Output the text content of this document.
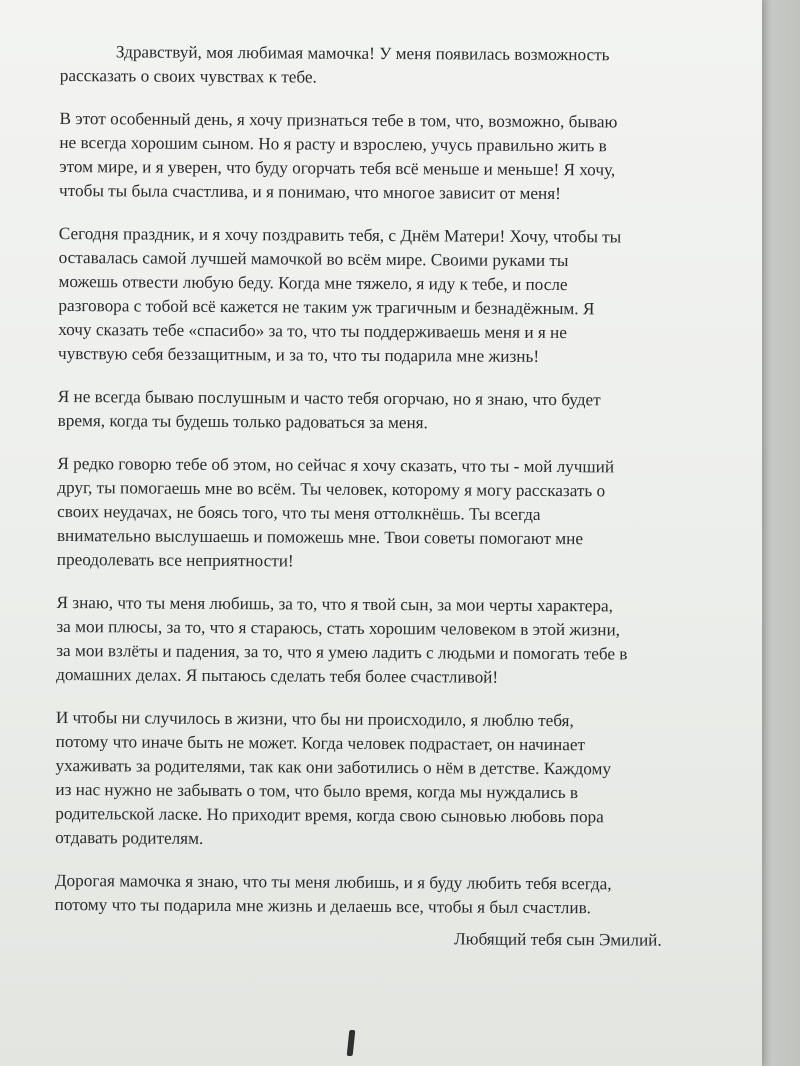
Здравствуй, моя любимая мамочка! У меня появилась возможность
рассказать о своих чувствах к тебе.

В этот особенный день, я хочу признаться тебе в том, что, возможно, бываю
не всегда хорошим сыном. Но я расту и взрослею, учусь правильно жить в
этом мире, и я уверен, что буду огорчать тебя всё меньше и меньше! Я хочу,
чтобы ты была счастлива, и я понимаю, что многое зависит от меня!

Сегодня праздник, и я хочу поздравить тебя, с Днём Матери! Хочу, чтобы ты
оставалась самой лучшей мамочкой во всём мире. Своими руками ты
можешь отвести любую беду. Когда мне тяжело, я иду к тебе, и после
разговора с тобой всё кажется не таким уж трагичным и безнадёжным. Я
хочу сказать тебе «спасибо» за то, что ты поддерживаешь меня и я не
чувствую себя беззащитным, и за то, что ты подарила мне жизнь!

Я не всегда бываю послушным и часто тебя огорчаю, но я знаю, что будет
время, когда ты будешь только радоваться за меня.

Я редко говорю тебе об этом, но сейчас я хочу сказать, что ты - мой лучший
друг, ты помогаешь мне во всём. Ты человек, которому я могу рассказать о
своих неудачах, не боясь того, что ты меня оттолкнёшь. Ты всегда
внимательно выслушаешь и поможешь мне. Твои советы помогают мне
преодолевать все неприятности!

Я знаю, что ты меня любишь, за то, что я твой сын, за мои черты характера,
за мои плюсы, за то, что я стараюсь, стать хорошим человеком в этой жизни,
за мои взлёты и падения, за то, что я умею ладить с людьми и помогать тебе в
домашних делах. Я пытаюсь сделать тебя более счастливой!

И чтобы ни случилось в жизни, что бы ни происходило, я люблю тебя,
потому что иначе быть не может. Когда человек подрастает, он начинает
ухаживать за родителями, так как они заботились о нём в детстве. Каждому
из нас нужно не забывать о том, что было время, когда мы нуждались в
родительской ласке. Но приходит время, когда свою сыновью любовь пора
отдавать родителям.

Дорогая мамочка я знаю, что ты меня любишь, и я буду любить тебя всегда,
потому что ты подарила мне жизнь и делаешь все, чтобы я был счастлив.

Любящий тебя сын Эмилий.
